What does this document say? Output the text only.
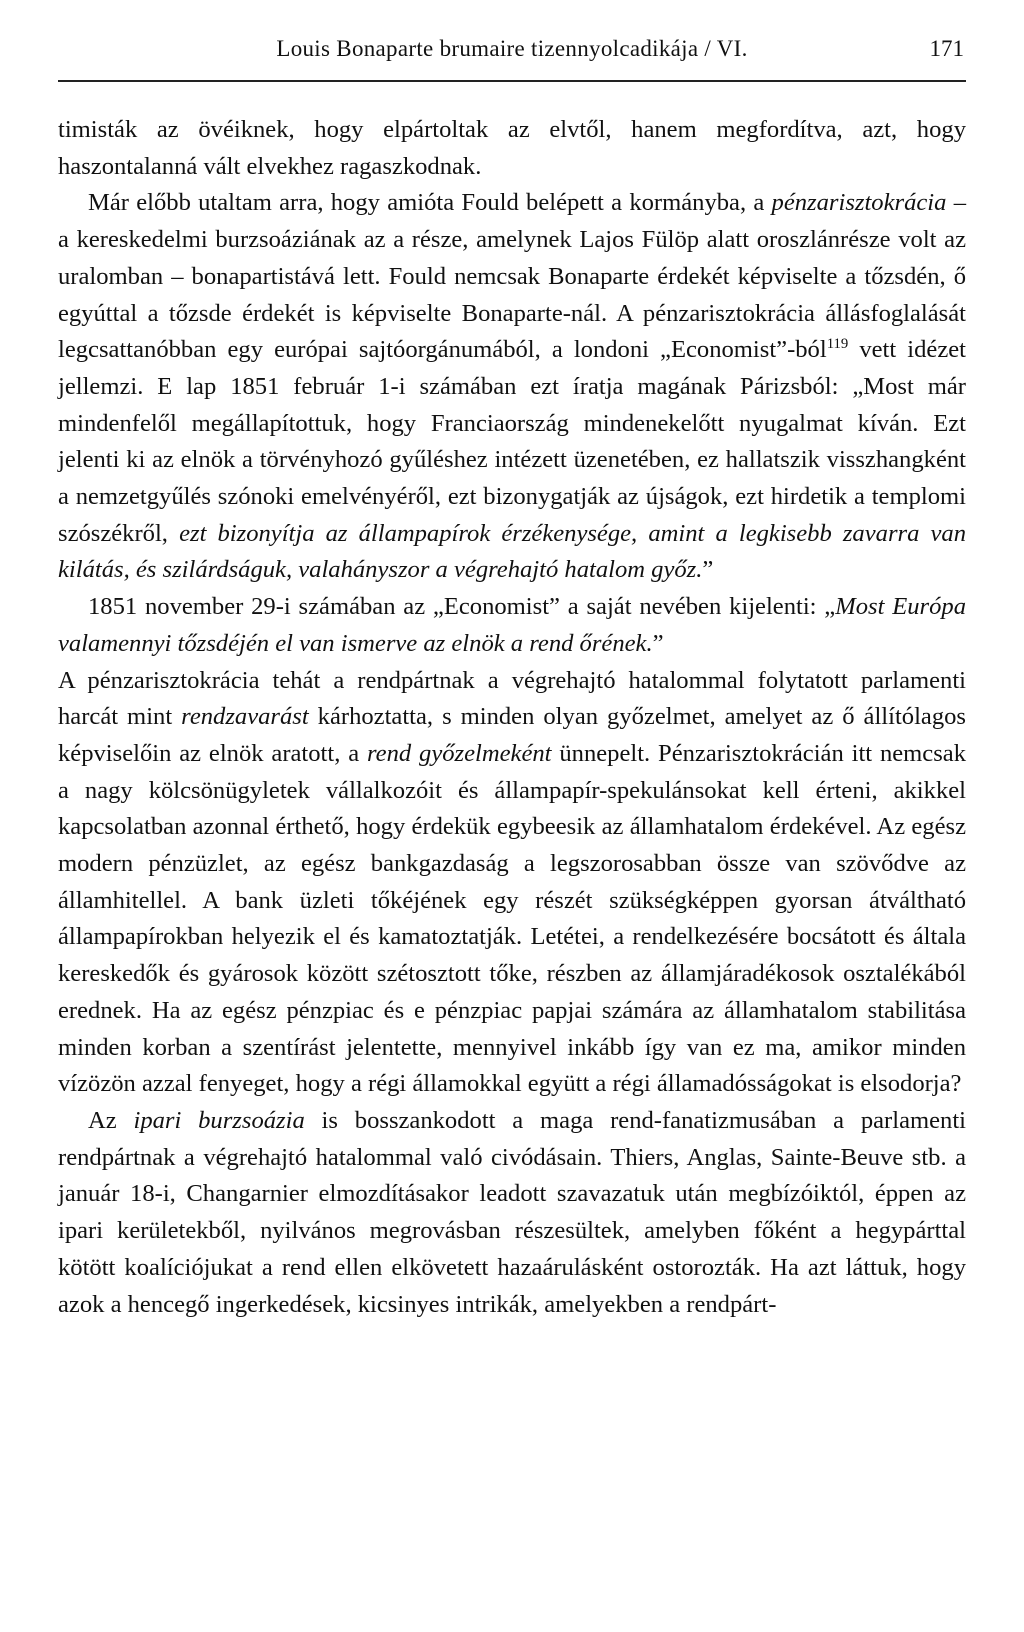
Louis Bonaparte brumaire tizennyolcadikája / VI.	171

timisták az övéiknek, hogy elpártoltak az elvtől, hanem megfordítva, azt, hogy haszontalanná vált elvekhez ragaszkodnak.

Már előbb utaltam arra, hogy amióta Fould belépett a kormányba, a pénzarisztokrácia – a kereskedelmi burzsoáziának az a része, amelynek Lajos Fülöp alatt oroszlánrésze volt az uralomban – bonapartistává lett. Fould nemcsak Bonaparte érdekét képviselte a tőzsdén, ő egyúttal a tőzsde érdekét is képviselte Bonaparte-nál. A pénzarisztokrácia állásfoglalását legcsattanóbban egy európai sajtóorgánumából, a londoni „Economist”-ból$^{119}$ vett idézet jellemzi. E lap 1851 február 1-i számában ezt íratja magának Párizsból: „Most már mindenfelől megállapítottuk, hogy Franciaország mindenekelőtt nyugalmat kíván. Ezt jelenti ki az elnök a törvényhozó gyűléshez intézett üzenetében, ez hallatszik visszhangként a nemzetgyűlés szónoki emelvényéről, ezt bizonygatják az újságok, ezt hirdetik a templomi szószékről, ezt bizonyítja az állampapírok érzékenysége, amint a legkisebb zavarra van kilátás, és szilárdságuk, valahányszor a végrehajtó hatalom győz.”

1851 november 29-i számában az „Economist” a saját nevében kijelenti: „Most Európa valamennyi tőzsdéjén el van ismerve az elnök a rend őrének.”

A pénzarisztokrácia tehát a rendpártnak a végrehajtó hatalommal folytatott parlamenti harcát mint rendzavarást kárhoztatta, s minden olyan győzelmet, amelyet az ő állítólagos képviselőin az elnök aratott, a rend győzelmeként ünnepelt. Pénzarisztokrácián itt nemcsak a nagy kölcsönügyletek vállalkozóit és állampapír-spekulánsokat kell érteni, akikkel kapcsolatban azonnal érthető, hogy érdekük egybeesik az államhatalom érdekével. Az egész modern pénzüzlet, az egész bankgazdaság a legszorosabban össze van szövődve az államhitellel. A bank üzleti tőkéjének egy részét szükségképpen gyorsan átváltható állampapírokban helyezik el és kamatoztatják. Letétei, a rendelkezésére bocsátott és általa kereskedők és gyárosok között szétosztott tőke, részben az államjáradékosok osztalékából erednek. Ha az egész pénzpiac és e pénzpiac papjai számára az államhatalom stabilitása minden korban a szentírást jelentette, mennyivel inkább így van ez ma, amikor minden vízözön azzal fenyeget, hogy a régi államokkal együtt a régi államadósságokat is elsodorja?

Az ipari burzsoázia is bosszankodott a maga rend-fanatizmusában a parlamenti rendpártnak a végrehajtó hatalommal való civódásain. Thiers, Anglas, Sainte-Beuve stb. a január 18-i, Changarnier elmozdításakor leadott szavazatuk után megbízóiktól, éppen az ipari kerületekből, nyilvános megrovásban részesültek, amelyben főként a hegypárttal kötött koalíciójukat a rend ellen elkövetett hazaárulásként ostorozták. Ha azt láttuk, hogy azok a hencegő ingerkedések, kicsinyes intrikák, amelyekben a rendpárt-
